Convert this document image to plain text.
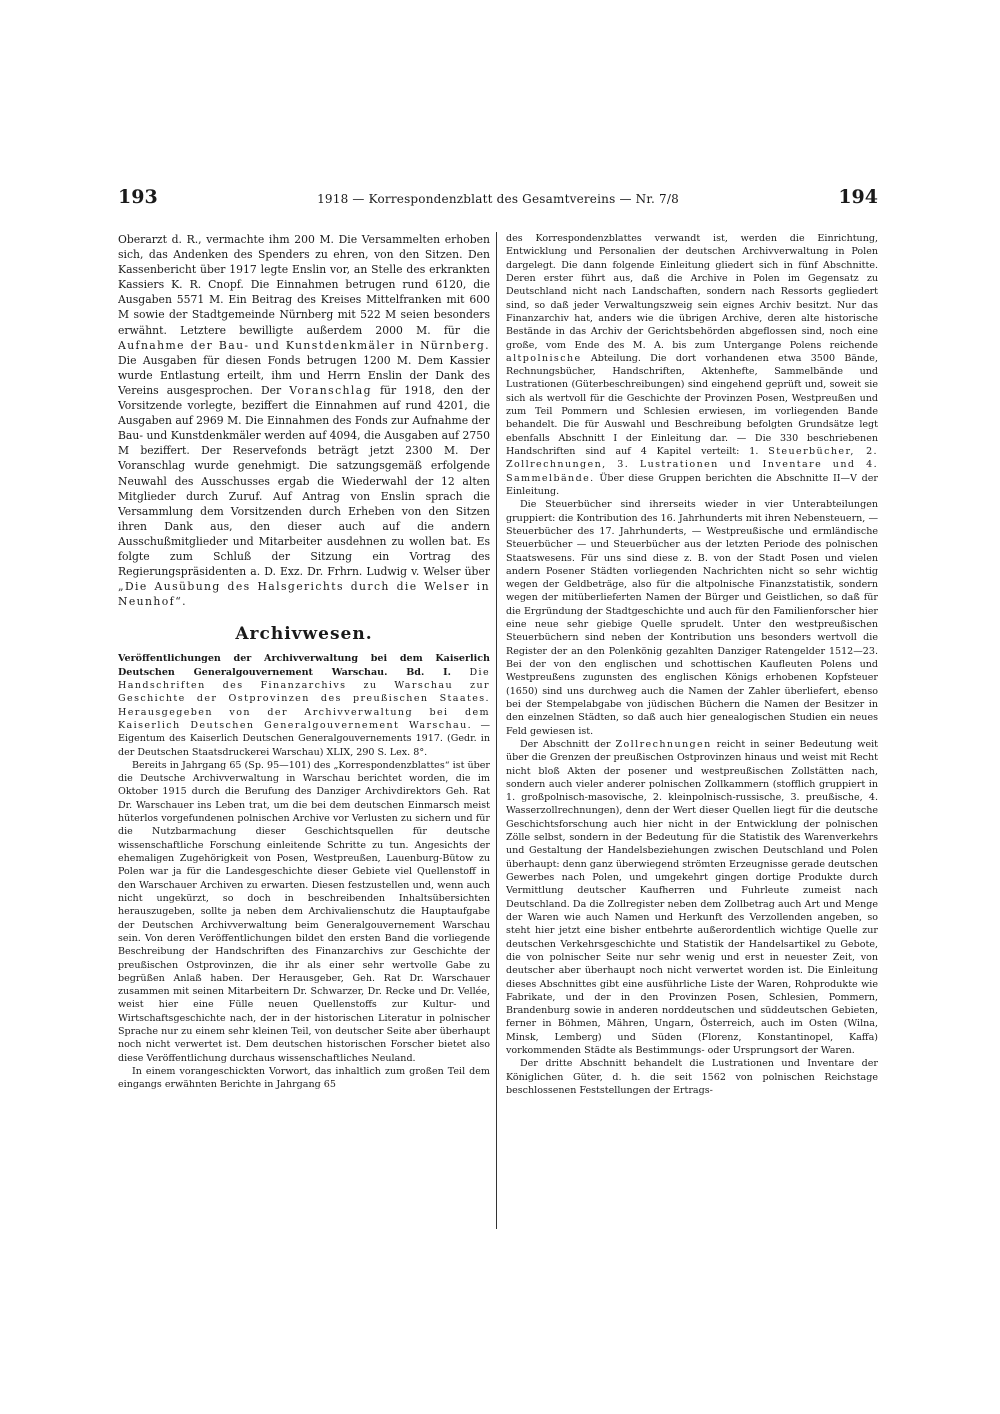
193	1918 — Korrespondenzblatt des Gesamtvereins — Nr. 7/8	194

Oberarzt d. R., vermachte ihm 200 M. Die Versammelten erhoben sich, das Andenken des Spenders zu ehren, von den Sitzen. Den Kassenbericht über 1917 legte Enslin vor, an Stelle des erkrankten Kassiers K. R. Cnopf. Die Einnahmen betrugen rund 6120, die Ausgaben 5571 M. Ein Beitrag des Kreises Mittelfranken mit 600 M sowie der Stadtgemeinde Nürnberg mit 522 M seien besonders erwähnt. Letztere bewilligte außerdem 2000 M. für die Aufnahme der Bau- und Kunstdenkmäler in Nürnberg. Die Ausgaben für diesen Fonds betrugen 1200 M. Dem Kassier wurde Entlastung erteilt, ihm und Herrn Enslin der Dank des Vereins ausgesprochen. Der Voranschlag für 1918, den der Vorsitzende vorlegte, beziffert die Einnahmen auf rund 4201, die Ausgaben auf 2969 M. Die Einnahmen des Fonds zur Aufnahme der Bau- und Kunstdenkmäler werden auf 4094, die Ausgaben auf 2750 M beziffert. Der Reservefonds beträgt jetzt 2300 M. Der Voranschlag wurde genehmigt. Die satzungsgemäß erfolgende Neuwahl des Ausschusses ergab die Wiederwahl der 12 alten Mitglieder durch Zuruf. Auf Antrag von Enslin sprach die Versammlung dem Vorsitzenden durch Erheben von den Sitzen ihren Dank aus, den dieser auch auf die andern Ausschußmitglieder und Mitarbeiter ausdehnen zu wollen bat. Es folgte zum Schluß der Sitzung ein Vortrag des Regierungspräsidenten a. D. Exz. Dr. Frhrn. Ludwig v. Welser über „Die Ausübung des Halsgerichts durch die Welser in Neunhof“.

Archivwesen.

Veröffentlichungen der Archivverwaltung bei dem Kaiserlich Deutschen Generalgouvernement Warschau. Bd. I. Die Handschriften des Finanzarchivs zu Warschau zur Geschichte der Ostprovinzen des preußischen Staates. Herausgegeben von der Archivverwaltung bei dem Kaiserlich Deutschen Generalgouvernement Warschau. — Eigentum des Kaiserlich Deutschen Generalgouvernements 1917. (Gedr. in der Deutschen Staatsdruckerei Warschau) XLIX, 290 S. Lex. 8°.

Bereits in Jahrgang 65 (Sp. 95—101) des „Korrespondenzblattes“ ist über die Deutsche Archivverwaltung in Warschau berichtet worden, die im Oktober 1915 durch die Berufung des Danziger Archivdirektors Geh. Rat Dr. Warschauer ins Leben trat, um die bei dem deutschen Einmarsch meist hüterlos vorgefundenen polnischen Archive vor Verlusten zu sichern und für die Nutzbarmachung dieser Geschichtsquellen für deutsche wissenschaftliche Forschung einleitende Schritte zu tun. Angesichts der ehemaligen Zugehörigkeit von Posen, Westpreußen, Lauenburg-Bütow zu Polen war ja für die Landesgeschichte dieser Gebiete viel Quellenstoff in den Warschauer Archiven zu erwarten. Diesen festzustellen und, wenn auch nicht ungekürzt, so doch in beschreibenden Inhaltsübersichten herauszugeben, sollte ja neben dem Archivalienschutz die Hauptaufgabe der Deutschen Archivverwaltung beim Generalgouvernement Warschau sein. Von deren Veröffentlichungen bildet den ersten Band die vorliegende Beschreibung der Handschriften des Finanzarchivs zur Geschichte der preußischen Ostprovinzen, die ihr als einer sehr wertvolle Gabe zu begrüßen Anlaß haben. Der Herausgeber, Geh. Rat Dr. Warschauer zusammen mit seinen Mitarbeitern Dr. Schwarzer, Dr. Recke und Dr. Vellée, weist hier eine Fülle neuen Quellenstoffs zur Kultur- und Wirtschaftsgeschichte nach, der in der historischen Literatur in polnischer Sprache nur zu einem sehr kleinen Teil, von deutscher Seite aber überhaupt noch nicht verwertet ist. Dem deutschen historischen Forscher bietet also diese Veröffentlichung durchaus wissenschaftliches Neuland.

In einem vorangeschickten Vorwort, das inhaltlich zum großen Teil dem eingangs erwähnten Berichte in Jahrgang 65

des Korrespondenzblattes verwandt ist, werden die Einrichtung, Entwicklung und Personalien der deutschen Archivverwaltung in Polen dargelegt. Die dann folgende Einleitung gliedert sich in fünf Abschnitte. Deren erster führt aus, daß die Archive in Polen im Gegensatz zu Deutschland nicht nach Landschaften, sondern nach Ressorts gegliedert sind, so daß jeder Verwaltungszweig sein eignes Archiv besitzt. Nur das Finanzarchiv hat, anders wie die übrigen Archive, deren alte historische Bestände in das Archiv der Gerichtsbehörden abgeflossen sind, noch eine große, vom Ende des M. A. bis zum Untergange Polens reichende altpolnische Abteilung. Die dort vorhandenen etwa 3500 Bände, Rechnungsbücher, Handschriften, Aktenhefte, Sammelbände und Lustrationen (Güterbeschreibungen) sind eingehend geprüft und, soweit sie sich als wertvoll für die Geschichte der Provinzen Posen, Westpreußen und zum Teil Pommern und Schlesien erwiesen, im vorliegenden Bande behandelt. Die für Auswahl und Beschreibung befolgten Grundsätze legt ebenfalls Abschnitt I der Einleitung dar. — Die 330 beschriebenen Handschriften sind auf 4 Kapitel verteilt: 1. Steuerbücher, 2. Zollrechnungen, 3. Lustrationen und Inventare und 4. Sammelbände. Über diese Gruppen berichten die Abschnitte II—V der Einleitung.

Die Steuerbücher sind ihrerseits wieder in vier Unterabteilungen gruppiert: die Kontribution des 16. Jahrhunderts mit ihren Nebensteuern, — Steuerbücher des 17. Jahrhunderts, — Westpreußische und ermländische Steuerbücher — und Steuerbücher aus der letzten Periode des polnischen Staatswesens. Für uns sind diese z. B. von der Stadt Posen und vielen andern Posener Städten vorliegenden Nachrichten nicht so sehr wichtig wegen der Geldbeträge, also für die altpolnische Finanzstatistik, sondern wegen der mitüberlieferten Namen der Bürger und Geistlichen, so daß für die Ergründung der Stadtgeschichte und auch für den Familienforscher hier eine neue sehr giebige Quelle sprudelt. Unter den westpreußischen Steuerbüchern sind neben der Kontribution uns besonders wertvoll die Register der an den Polenkönig gezahlten Danziger Ratengelder 1512—23. Bei der von den englischen und schottischen Kaufleuten Polens und Westpreußens zugunsten des englischen Königs erhobenen Kopfsteuer (1650) sind uns durchweg auch die Namen der Zahler überliefert, ebenso bei der Stempelabgabe von jüdischen Büchern die Namen der Besitzer in den einzelnen Städten, so daß auch hier genealogischen Studien ein neues Feld gewiesen ist.

Der Abschnitt der Zollrechnungen reicht in seiner Bedeutung weit über die Grenzen der preußischen Ostprovinzen hinaus und weist mit Recht nicht bloß Akten der posener und westpreußischen Zollstätten nach, sondern auch vieler anderer polnischen Zollkammern (stofflich gruppiert in 1. großpolnisch-masovische, 2. kleinpolnisch-russische, 3. preußische, 4. Wasserzollrechnungen), denn der Wert dieser Quellen liegt für die deutsche Geschichtsforschung auch hier nicht in der Entwicklung der polnischen Zölle selbst, sondern in der Bedeutung für die Statistik des Warenverkehrs und Gestaltung der Handelsbeziehungen zwischen Deutschland und Polen überhaupt: denn ganz überwiegend strömten Erzeugnisse gerade deutschen Gewerbes nach Polen, und umgekehrt gingen dortige Produkte durch Vermittlung deutscher Kaufherren und Fuhrleute zumeist nach Deutschland. Da die Zollregister neben dem Zollbetrag auch Art und Menge der Waren wie auch Namen und Herkunft des Verzollenden angeben, so steht hier jetzt eine bisher entbehrte außerordentlich wichtige Quelle zur deutschen Verkehrsgeschichte und Statistik der Handelsartikel zu Gebote, die von polnischer Seite nur sehr wenig und erst in neuester Zeit, von deutscher aber überhaupt noch nicht verwertet worden ist. Die Einleitung dieses Abschnittes gibt eine ausführliche Liste der Waren, Rohprodukte wie Fabrikate, und der in den Provinzen Posen, Schlesien, Pommern, Brandenburg sowie in anderen norddeutschen und süddeutschen Gebieten, ferner in Böhmen, Mähren, Ungarn, Österreich, auch im Osten (Wilna, Minsk, Lemberg) und Süden (Florenz, Konstantinopel, Kaffa) vorkommenden Städte als Bestimmungs- oder Ursprungsort der Waren.

Der dritte Abschnitt behandelt die Lustrationen und Inventare der Königlichen Güter, d. h. die seit 1562 von polnischen Reichstage beschlossenen Feststellungen der Ertrags-
